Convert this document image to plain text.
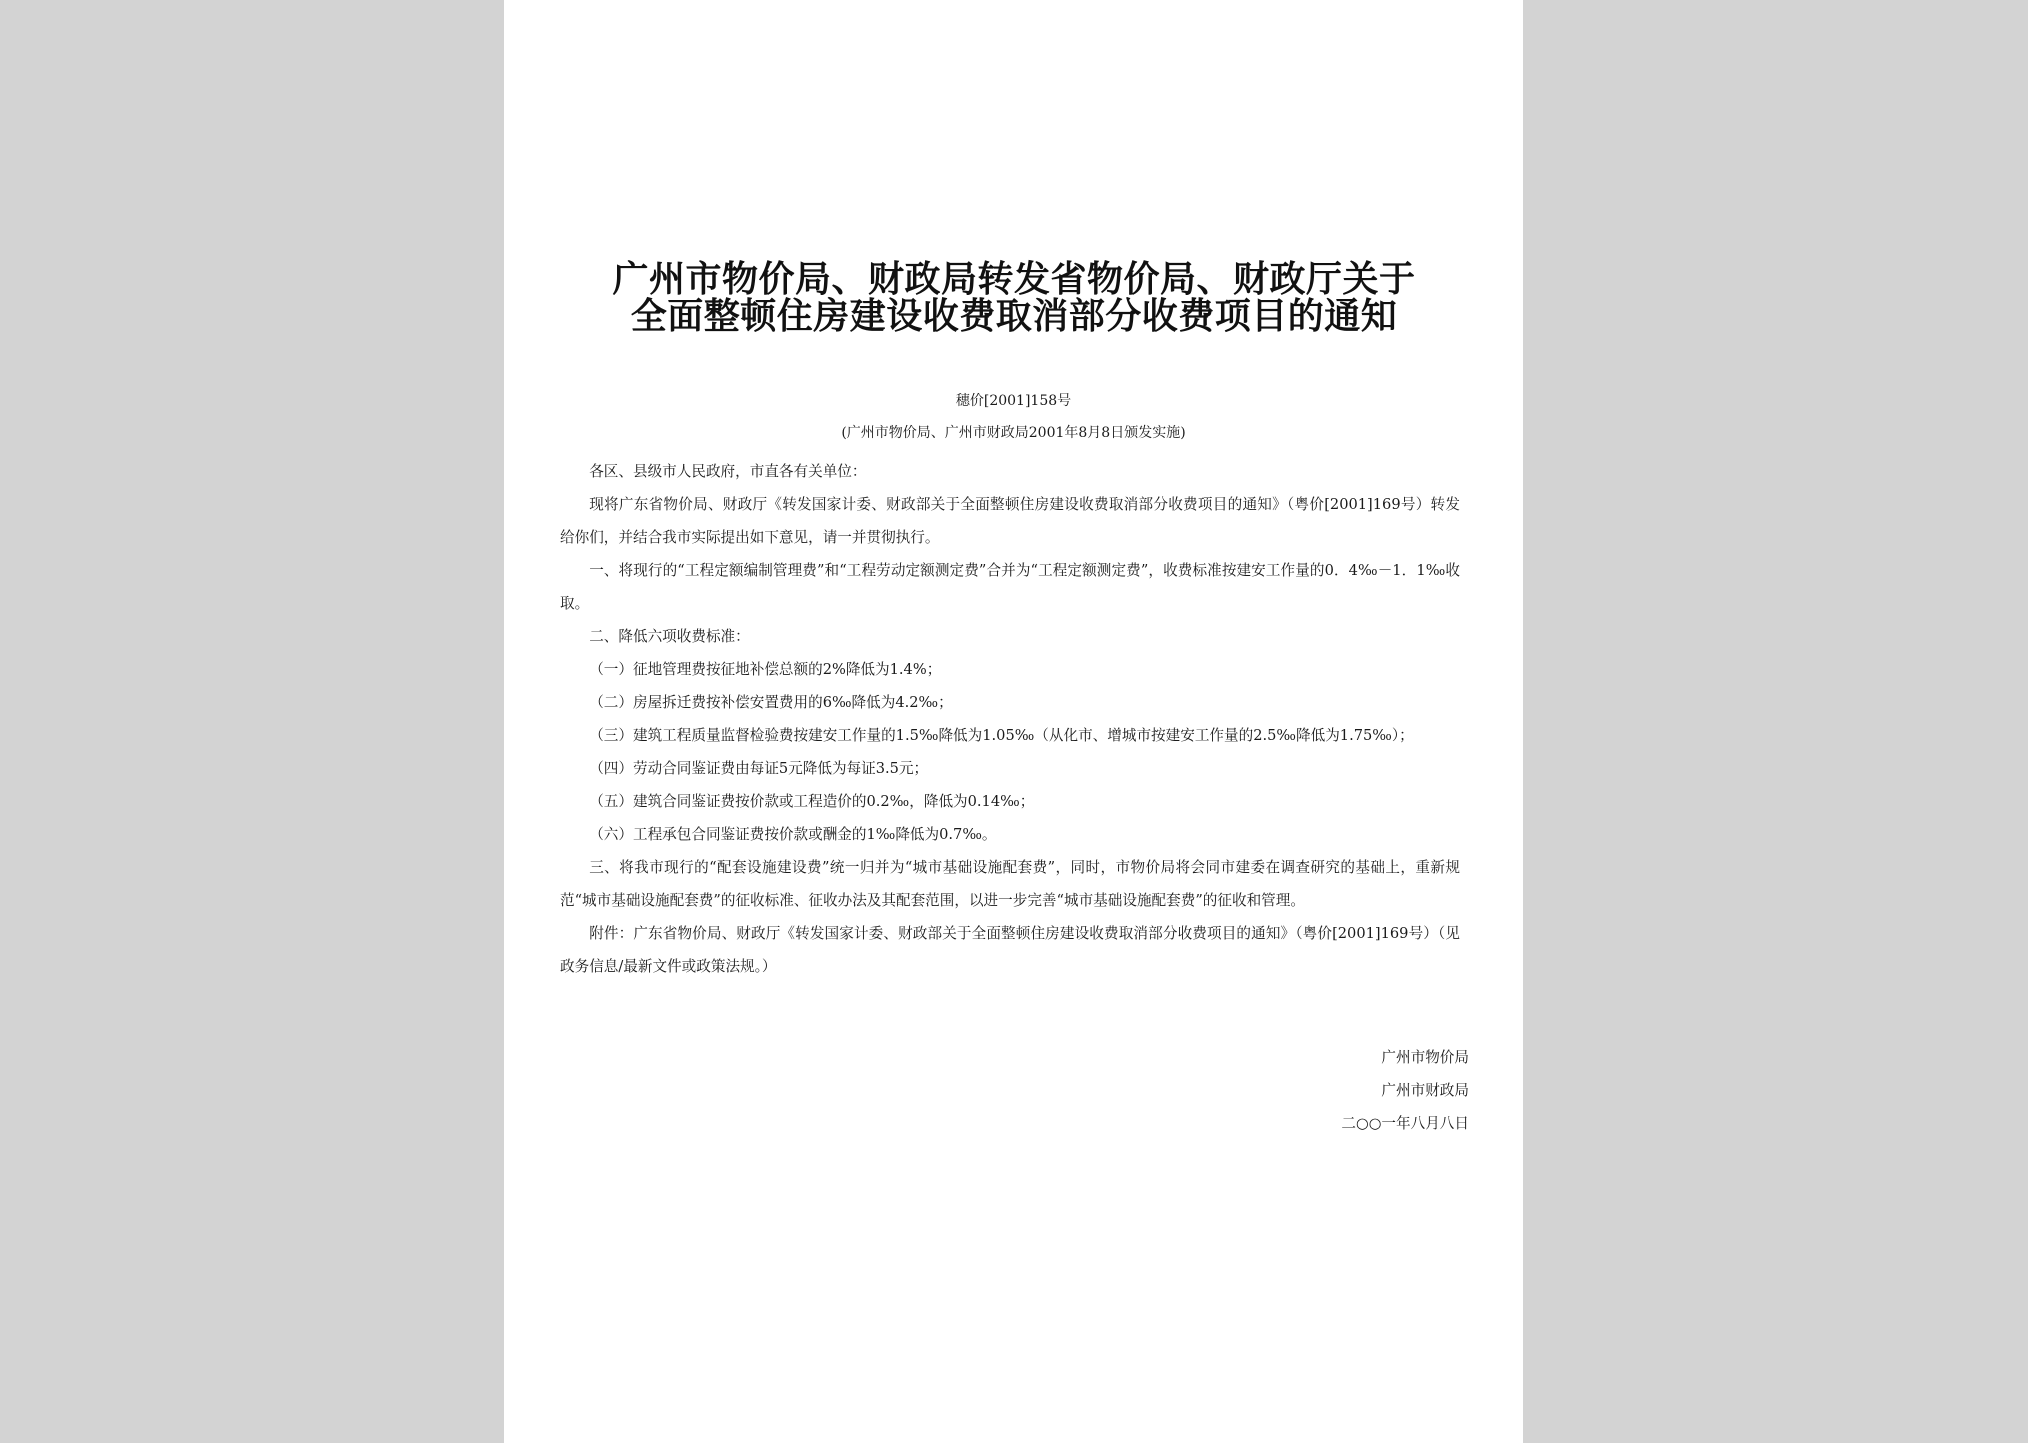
广州市物价局、财政局转发省物价局、财政厅关于全面整顿住房建设收费取消部分收费项目的通知
穗价[2001]158号
(广州市物价局、广州市财政局2001年8月8日颁发实施)

各区、县级市人民政府，市直各有关单位：

现将广东省物价局、财政厅《转发国家计委、财政部关于全面整顿住房建设收费取消部分收费项目的通知》（粤价[2001]169号）转发给你们，并结合我市实际提出如下意见，请一并贯彻执行。

一、将现行的“工程定额编制管理费”和“工程劳动定额测定费”合并为“工程定额测定费”，收费标准按建安工作量的0．4‰－1．1‰收取。

二、降低六项收费标准：

（一）征地管理费按征地补偿总额的2%降低为1.4%；

（二）房屋拆迁费按补偿安置费用的6‰降低为4.2‰；

（三）建筑工程质量监督检验费按建安工作量的1.5‰降低为1.05‰（从化市、增城市按建安工作量的2.5‰降低为1.75‰）；

（四）劳动合同鉴证费由每证5元降低为每证3.5元；

（五）建筑合同鉴证费按价款或工程造价的0.2‰，降低为0.14‰；

（六）工程承包合同鉴证费按价款或酬金的1‰降低为0.7‰。

三、将我市现行的“配套设施建设费”统一归并为“城市基础设施配套费”，同时，市物价局将会同市建委在调查研究的基础上，重新规范“城市基础设施配套费”的征收标准、征收办法及其配套范围，以进一步完善“城市基础设施配套费”的征收和管理。

附件：广东省物价局、财政厅《转发国家计委、财政部关于全面整顿住房建设收费取消部分收费项目的通知》（粤价[2001]169号）（见政务信息/最新文件或政策法规。）

广州市物价局
广州市财政局
二○○一年八月八日
